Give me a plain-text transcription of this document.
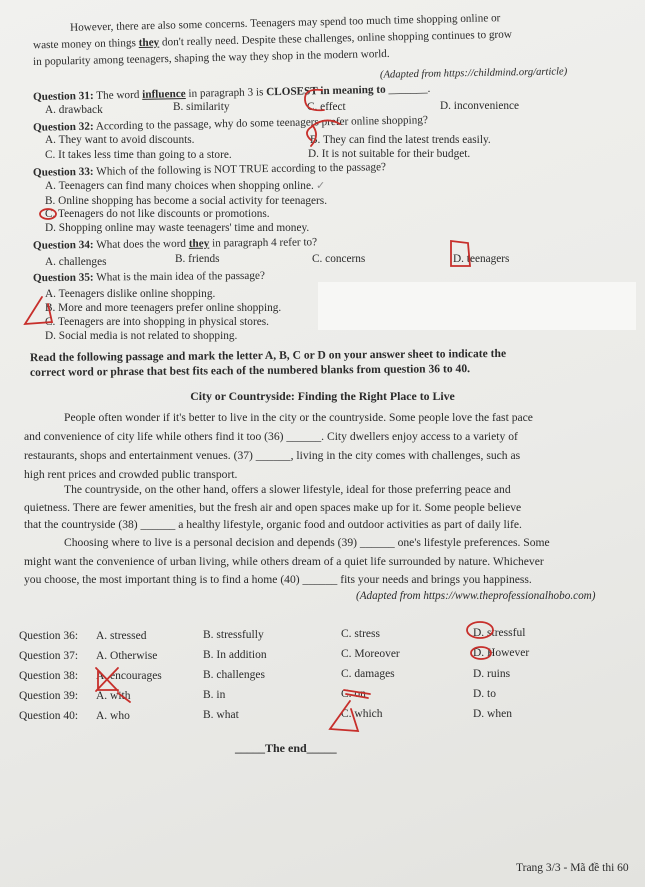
However, there are also some concerns. Teenagers may spend too much time shopping online or
waste money on things they don't really need. Despite these challenges, online shopping continues to grow
in popularity among teenagers, shaping the way they shop in the modern world.
(Adapted from https://childmind.org/article)
Question 31: The word influence in paragraph 3 is CLOSEST in meaning to _______.
A. drawback	B. similarity	C. effect	D. inconvenience
Question 32: According to the passage, why do some teenagers prefer online shopping?
A. They want to avoid discounts.	B. They can find the latest trends easily.
C. It takes less time than going to a store.	D. It is not suitable for their budget.
Question 33: Which of the following is NOT TRUE according to the passage?
A. Teenagers can find many choices when shopping online.
B. Online shopping has become a social activity for teenagers.
C. Teenagers do not like discounts or promotions.
D. Shopping online may waste teenagers' time and money.
Question 34: What does the word they in paragraph 4 refer to?
A. challenges	B. friends	C. concerns	D. teenagers
Question 35: What is the main idea of the passage?
A. Teenagers dislike online shopping.
B. More and more teenagers prefer online shopping.
C. Teenagers are into shopping in physical stores.
D. Social media is not related to shopping.
Read the following passage and mark the letter A, B, C or D on your answer sheet to indicate the
correct word or phrase that best fits each of the numbered blanks from question 36 to 40.
City or Countryside: Finding the Right Place to Live
People often wonder if it's better to live in the city or the countryside. Some people love the fast pace
and convenience of city life while others find it too (36) ______. City dwellers enjoy access to a variety of
restaurants, shops and entertainment venues. (37) ______, living in the city comes with challenges, such as
high rent prices and crowded public transport.
The countryside, on the other hand, offers a slower lifestyle, ideal for those preferring peace and
quietness. There are fewer amenities, but the fresh air and open spaces make up for it. Some people believe
that the countryside (38) ______ a healthy lifestyle, organic food and outdoor activities as part of daily life.
Choosing where to live is a personal decision and depends (39) ______ one's lifestyle preferences. Some
might want the convenience of urban living, while others dream of a quiet life surrounded by nature. Whichever
you choose, the most important thing is to find a home (40) ______ fits your needs and brings you happiness.
(Adapted from https://www.theprofessionalhobo.com)
Question 36: A. stressed	B. stressfully	C. stress	D. stressful
Question 37: A. Otherwise	B. In addition	C. Moreover	D. However
Question 38: A. encourages	B. challenges	C. damages	D. ruins
Question 39: A. with	B. in	C. on	D. to
Question 40: A. who	B. what	C. which	D. when
_____The end_____
Trang 3/3 - Mã đề thi 60
✓
